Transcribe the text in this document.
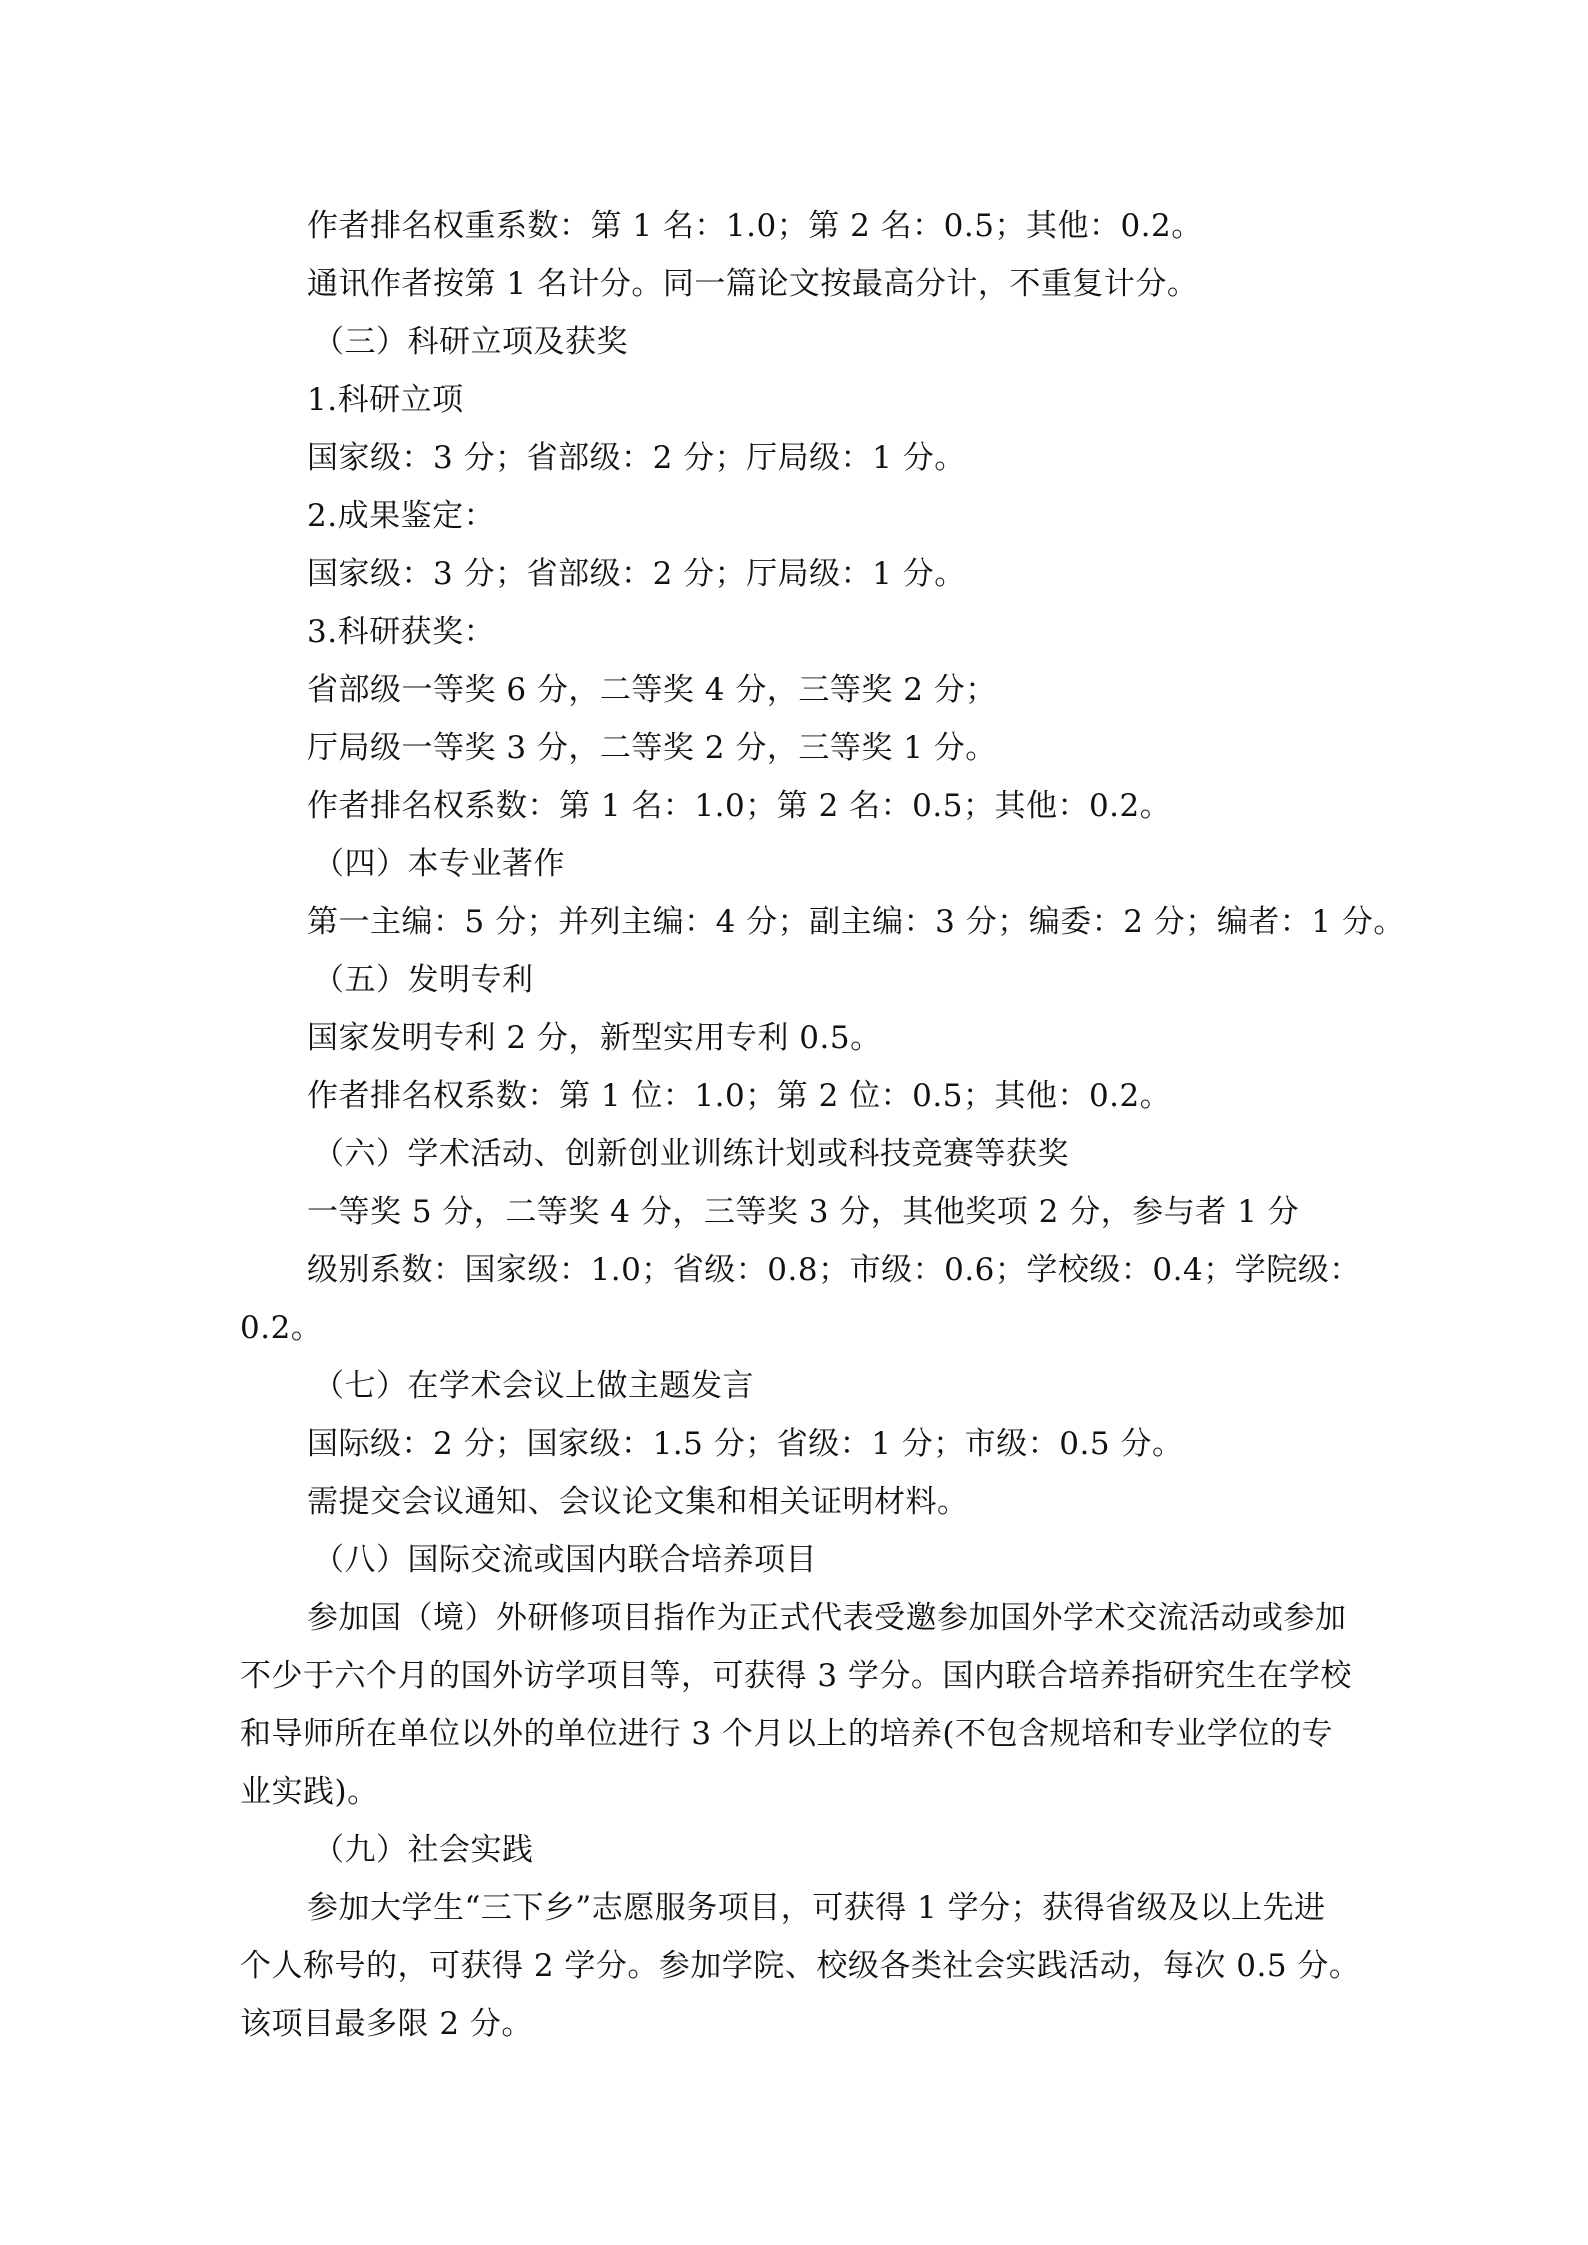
作者排名权重系数：第 1 名：1.0；第 2 名：0.5；其他：0.2。
通讯作者按第 1 名计分。同一篇论文按最高分计，不重复计分。
（三）科研立项及获奖
1.科研立项
国家级：3 分；省部级：2 分；厅局级：1 分。
2.成果鉴定：
国家级：3 分；省部级：2 分；厅局级：1 分。
3.科研获奖：
省部级一等奖 6 分，二等奖 4 分，三等奖 2 分；
厅局级一等奖 3 分，二等奖 2 分，三等奖 1 分。
作者排名权系数：第 1 名：1.0；第 2 名：0.5；其他：0.2。
（四）本专业著作
第一主编：5 分；并列主编：4 分；副主编：3 分；编委：2 分；编者：1 分。
（五）发明专利
国家发明专利 2 分，新型实用专利 0.5。
作者排名权系数：第 1 位：1.0；第 2 位：0.5；其他：0.2。
（六）学术活动、创新创业训练计划或科技竞赛等获奖
一等奖 5 分，二等奖 4 分，三等奖 3 分，其他奖项 2 分，参与者 1 分
级别系数：国家级：1.0；省级：0.8；市级：0.6；学校级：0.4；学院级：
0.2。
（七）在学术会议上做主题发言
国际级：2 分；国家级：1.5 分；省级：1 分；市级：0.5 分。
需提交会议通知、会议论文集和相关证明材料。
（八）国际交流或国内联合培养项目
参加国（境）外研修项目指作为正式代表受邀参加国外学术交流活动或参加
不少于六个月的国外访学项目等，可获得 3 学分。国内联合培养指研究生在学校
和导师所在单位以外的单位进行 3 个月以上的培养(不包含规培和专业学位的专
业实践)。
（九）社会实践
参加大学生“三下乡”志愿服务项目，可获得 1 学分；获得省级及以上先进
个人称号的，可获得 2 学分。参加学院、校级各类社会实践活动，每次 0.5 分。
该项目最多限 2 分。
